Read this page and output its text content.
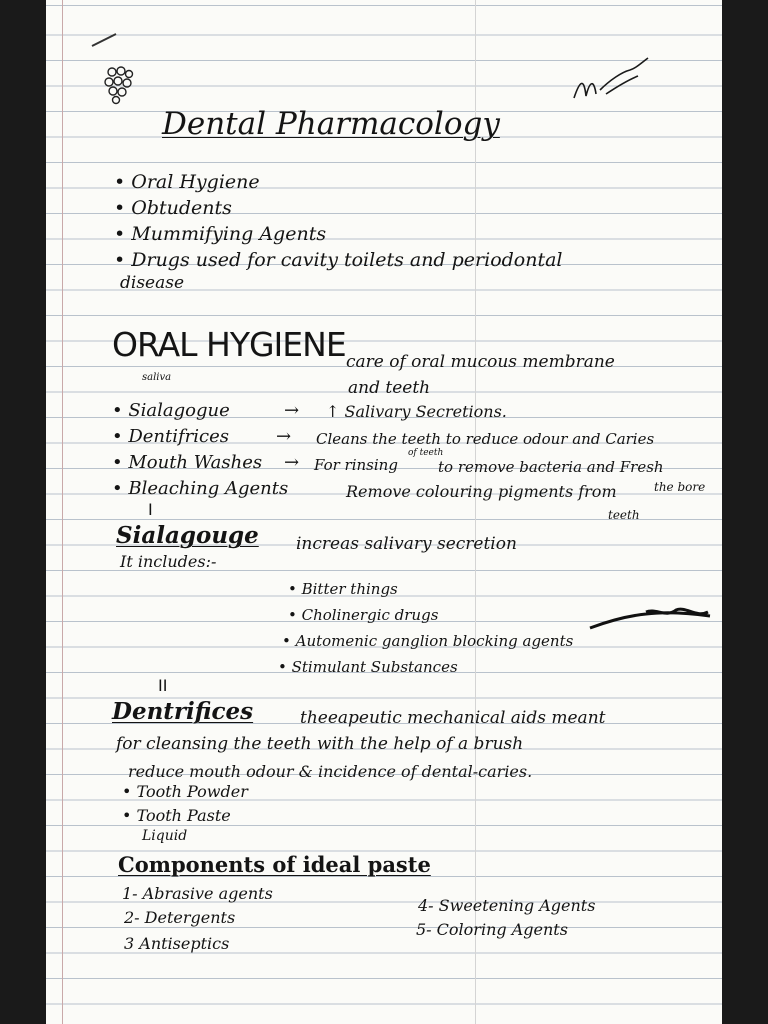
Dental Pharmacology
• Oral Hygiene
• Obtudents
• Mummifying Agents
• Drugs used for cavity toilets and periodontal
disease
ORAL HYGIENE care of oral mucous membrane
and teeth
saliva
• Sialagogue	→ ↑ Salivary Secretions.
• Dentifrices	→ Cleans the teeth to reduce odour and Caries
• Mouth Washes → For rinsing
of teeth
to remove bacteria and Fresh
• Bleaching Agents	Remove colouring pigments from	the bore
teeth
I
Sialagouge increas salivary secretion
It includes:-
• Bitter things
• Cholinergic drugs
• Automenic ganglion blocking agents
• Stimulant Substances
II
Dentrifices	theeapeutic mechanical aids meant
for cleansing the teeth with the help of a brush
reduce mouth odour & incidence of dental-caries.
• Tooth Powder
• Tooth Paste
Liquid
Components of ideal paste
1- Abrasive agents
2- Detergents
3 Antiseptics
4- Sweetening Agents
5- Coloring Agents
